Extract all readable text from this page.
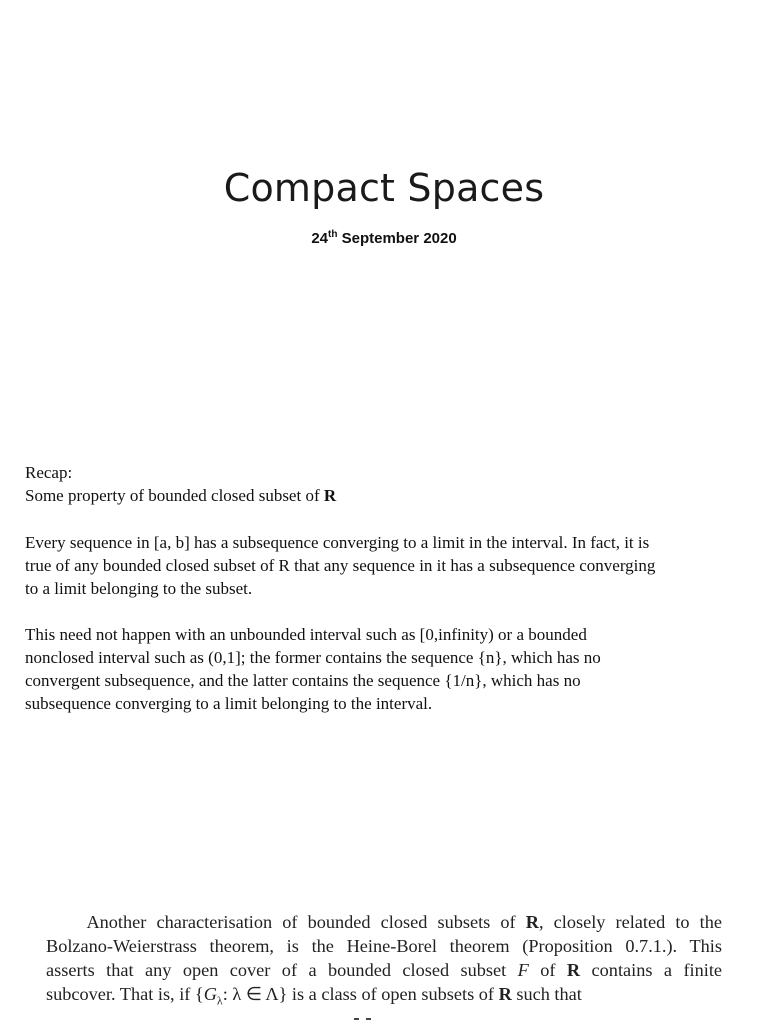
Compact Spaces
24th September 2020

Recap:

Some property of bounded closed subset of R

Every sequence in [a, b] has a subsequence converging to a limit in the interval. In fact, it is

true of any bounded closed subset of R that any sequence in it has a subsequence converging

to a limit belonging to the subset.

This need not happen with an unbounded interval such as [0,infinity) or a bounded

nonclosed interval such as (0,1]; the former contains the sequence {n}, which has no

convergent subsequence, and the latter contains the sequence {1/n}, which has no

subsequence converging to a limit belonging to the interval.

Another characterisation of bounded closed subsets of R, closely related to the
Bolzano-Weierstrass theorem, is the Heine-Borel theorem (Proposition 0.7.1.). This
asserts that any open cover of a bounded closed subset F of R contains a finite
subcover. That is, if {$G_\lambda$: λ ∈ Λ} is a class of open subsets of R such that
